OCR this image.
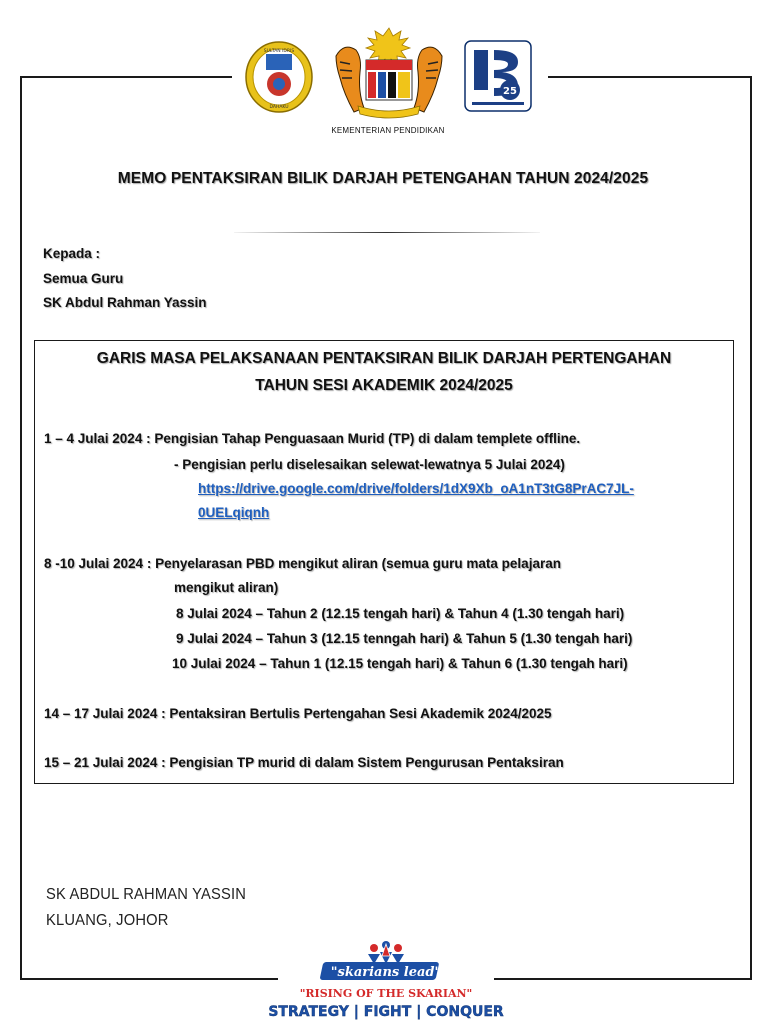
SULTAN IDRIS
DAHAKU
KEMENTERIAN PENDIDIKAN
25
MEMO PENTAKSIRAN BILIK DARJAH PETENGAHAN TAHUN 2024/2025
Kepada :
Semua Guru
SK Abdul Rahman Yassin
GARIS MASA PELAKSANAAN PENTAKSIRAN BILIK DARJAH PERTENGAHAN
TAHUN SESI AKADEMIK 2024/2025
1 – 4 Julai 2024 : Pengisian Tahap Penguasaan Murid (TP) di dalam templete offline.
- Pengisian perlu diselesaikan selewat-lewatnya 5 Julai 2024)
https://drive.google.com/drive/folders/1dX9Xb_oA1nT3tG8PrAC7JL-
0UELqiqnh
8 -10 Julai 2024 : Penyelarasan PBD mengikut aliran (semua guru mata pelajaran
mengikut aliran)
8 Julai 2024 – Tahun 2 (12.15 tengah hari) & Tahun 4 (1.30 tengah hari)
9 Julai 2024 – Tahun 3 (12.15 tenngah hari) & Tahun 5 (1.30 tengah hari)
10 Julai 2024 – Tahun 1 (12.15 tengah hari) & Tahun 6 (1.30 tengah hari)
14 – 17 Julai 2024 : Pentaksiran Bertulis Pertengahan Sesi Akademik 2024/2025
15 – 21 Julai 2024 : Pengisian TP murid di dalam Sistem Pengurusan Pentaksiran
SK ABDUL RAHMAN YASSIN
KLUANG, JOHOR
"skarians lead"
"RISING OF THE SKARIAN"
STRATEGY | FIGHT | CONQUER
